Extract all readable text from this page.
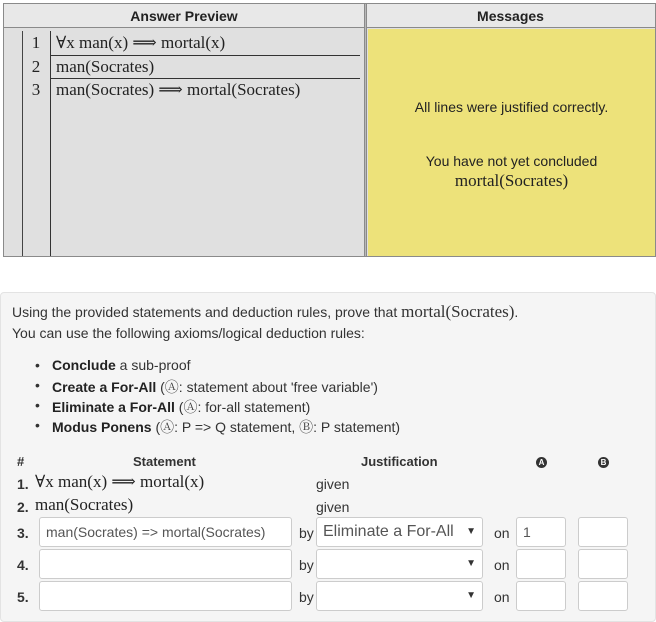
Answer Preview	Messages
1 ∀x man(x) ⟹ mortal(x)
2 man(Socrates)
3 man(Socrates) ⟹ mortal(Socrates)
All lines were justified correctly.
You have not yet concluded
mortal(Socrates)
Using the provided statements and deduction rules, prove that mortal(Socrates).
You can use the following axioms/logical deduction rules:
• Conclude a sub-proof
• Create a For-All (Ⓐ: statement about 'free variable')
• Eliminate a For-All (Ⓐ: for-all statement)
• Modus Ponens (Ⓐ: P => Q statement, Ⓑ: P statement)
#	Statement	Justification	A	B
1. ∀x man(x) ⟹ mortal(x)	given
2. man(Socrates)	given
3.	man(Socrates) => mortal(Socrates)	by Eliminate a For-All ▼ on 1
4.	by	▼ on
5.	by	▼ on
